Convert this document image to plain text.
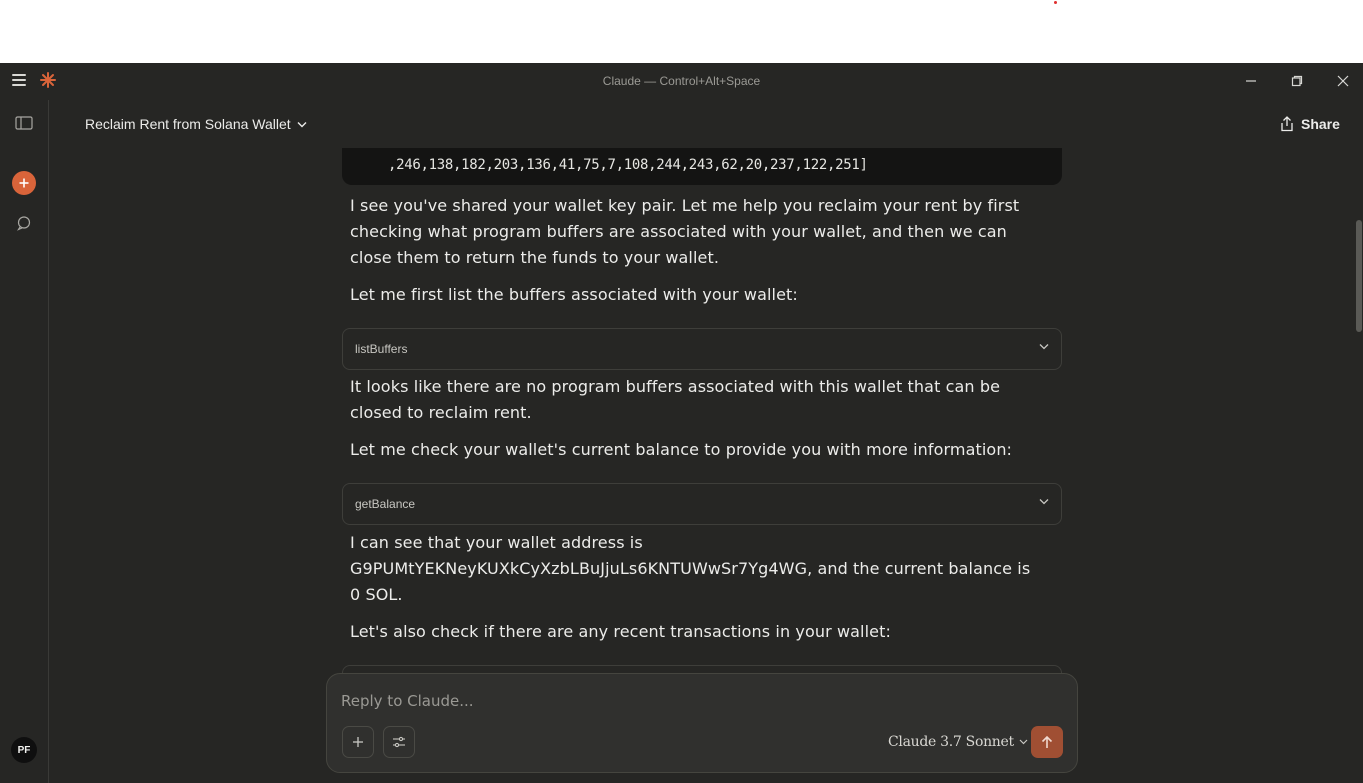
Claude — Control+Alt+Space
PF
Reclaim Rent from Solana Wallet	Share
,246,138,182,203,136,41,75,7,108,244,243,62,20,237,122,251]
I see you've shared your wallet key pair. Let me help you reclaim your rent by first checking what program buffers are associated with your wallet, and then we can close them to return the funds to your wallet.
Let me first list the buffers associated with your wallet:
listBuffers
It looks like there are no program buffers associated with this wallet that can be closed to reclaim rent.
Let me check your wallet's current balance to provide you with more information:
getBalance
I can see that your wallet address is G9PUMtYEKNeyKUXkCyXzbLBuJjuLs6KNTUWwSr7Yg4WG, and the current balance is 0 SOL.
Let's also check if there are any recent transactions in your wallet:
Reply to Claude...
Claude 3.7 Sonnet
